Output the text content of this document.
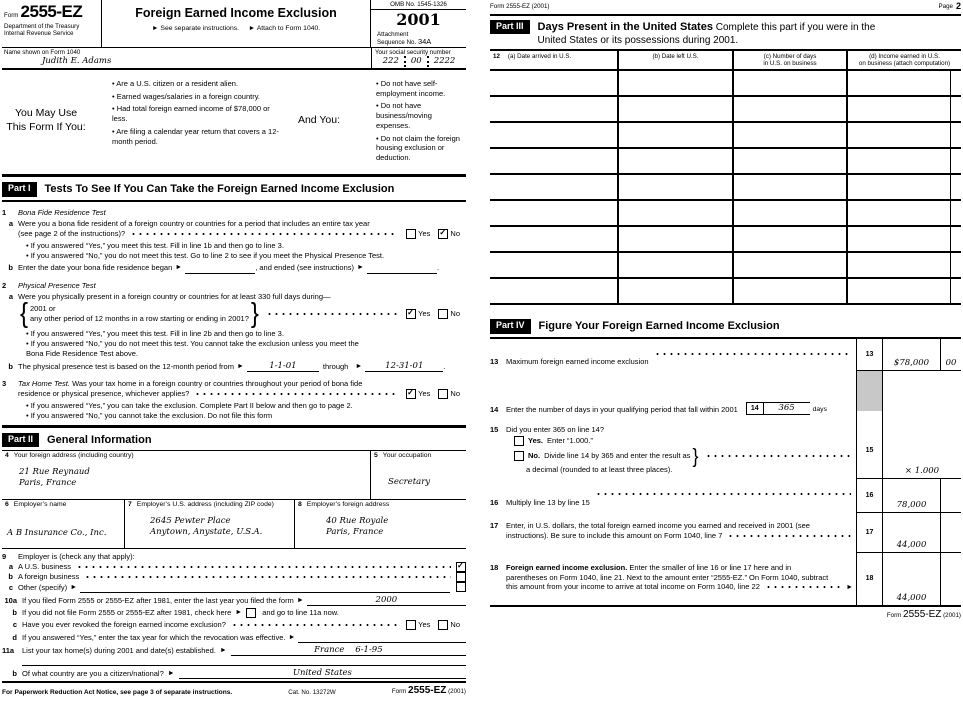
Form 2555-EZ
Department of the Treasury
Internal Revenue Service
Foreign Earned Income Exclusion
► See separate instructions. ► Attach to Form 1040.
OMB No. 1545-1326
2001
Attachment
Sequence No. 34A
Name shown on Form 1040
Judith E. Adams
Your social security number
222	00	2222
You May Use This Form If You:
• Are a U.S. citizen or a resident alien.
• Earned wages/salaries in a foreign country.
• Had total foreign earned income of $78,000 or less.
• Are filing a calendar year return that covers a 12-month period.
And You:
• Do not have self-employment income.
• Do not have business/moving expenses.
• Do not claim the foreign housing exclusion or deduction.
Part I	Tests To See If You Can Take the Foreign Earned Income Exclusion
1	Bona Fide Residence Test
a Were you a bona fide resident of a foreign country or countries for a period that includes an entire tax year
(see page 2 of the instructions)?	Yes ✓	No
• If you answered “Yes,” you meet this test. Fill in line 1b and then go to line 3.
• If you answered “No,” you do not meet this test. Go to line 2 to see if you meet the Physical Presence Test.
b Enter the date your bona fide residence began ►	, and ended (see instructions) ►	.
2	Physical Presence Test
a Were you physically present in a foreign country or countries for at least 330 full days during—
{ 2001 or
any other period of 12 months in a row starting or ending in 2001? } ✓	Yes	No
• If you answered “Yes,” you meet this test. Fill in line 2b and then go to line 3.
• If you answered “No,” you do not meet this test. You cannot take the exclusion unless you meet the
Bona Fide Residence Test above.
b The physical presence test is based on the 12-month period from ►	1-1-01	through ►	12-31-01	.
3	Tax Home Test. Was your tax home in a foreign country or countries throughout your period of bona fide
residence or physical presence, whichever applies? ✓	Yes	No
• If you answered “Yes,” you can take the exclusion. Complete Part II below and then go to page 2.
• If you answered “No,” you cannot take the exclusion. Do not file this form
Part II	General Information
4 Your foreign address (including country)
21 Rue Reynaud
Paris, France
5 Your occupation
Secretary
6 Employer’s name
A B Insurance Co., Inc.
7 Employer’s U.S. address (including ZIP code)
2645 Pewter Place
Anytown, Anystate, U.S.A.
8 Employer’s foreign address
40 Rue Royale
Paris, France
9	Employer is (check any that apply):
a A U.S. business
✓
b A foreign business
c Other (specify) ►
10a If you filed Form 2555 or 2555-EZ after 1981, enter the last year you filed the form ►	2000
b If you did not file Form 2555 or 2555-EZ after 1981, check here ►	and go to line 11a now.
c Have you ever revoked the foreign earned income exclusion?	Yes	No
d If you answered “Yes,” enter the tax year for which the revocation was effective. ►
11a	List your tax home(s) during 2001 and date(s) established. ►	France 6-1-95
b Of what country are you a citizen/national? ►	United States
For Paperwork Reduction Act Notice, see page 3 of separate instructions.	Cat. No. 13272W	Form 2555-EZ (2001)
Form 2555-EZ (2001)	Page 2
Part III	Days Present in the United States Complete this part if you were in the
United States or its possessions during 2001.
12 (a) Date arrived in U.S.	(b) Date left U.S.	(c) Number of days
in U.S. on business
(d) Income earned in U.S.
on business (attach computation)
Part IV	Figure Your Foreign Earned Income Exclusion
13	Maximum foreign earned income exclusion
13
$78,000 00
14	Enter the number of days in your qualifying period that fall within 2001	14	365	days
15	Did you enter 365 on line 14?
Yes. Enter “1.000.”
No. Divide line 14 by 365 and enter the result as }
a decimal (rounded to at least three places).
15
× 1.000
16	Multiply line 13 by line 15
16
78,000
17	Enter, in U.S. dollars, the total foreign earned income you earned and received in 2001 (see
instructions). Be sure to include this amount on Form 1040, line 7	17
44,000
18	Foreign earned income exclusion. Enter the smaller of line 16 or line 17 here and in
parentheses on Form 1040, line 21. Next to the amount enter “2555-EZ.” On Form 1040, subtract
this amount from your income to arrive at total income on Form 1040, line 22	►
18
44,000
Form 2555-EZ (2001)
